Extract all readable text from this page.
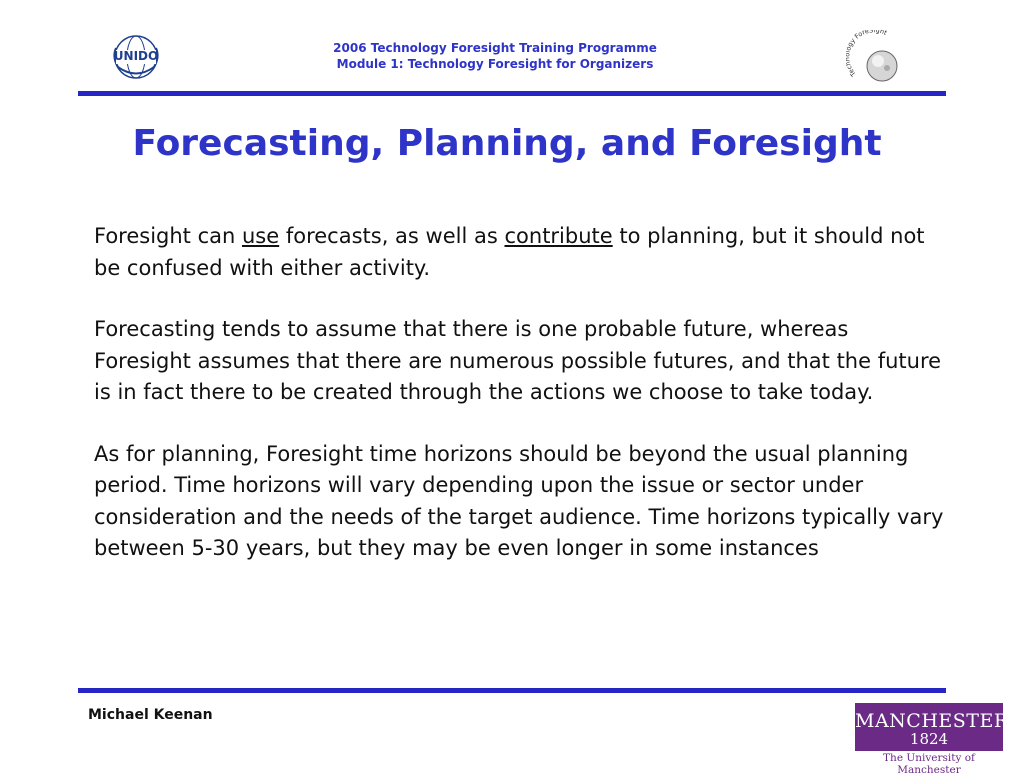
UNIDO
2006 Technology Foresight Training Programme
Module 1: Technology Foresight for Organizers
Te gy ForeSight
Forecasting, Planning, and Foresight

Foresight can use forecasts, as well as contribute to planning, but it should not be confused with either activity.

Forecasting tends to assume that there is one probable future, whereas Foresight assumes that there are numerous possible futures, and that the future is in fact there to be created through the actions we choose to take today.

As for planning, Foresight time horizons should be beyond the usual planning period. Time horizons will vary depending upon the issue or sector under consideration and the needs of the target audience. Time horizons typically vary between 5-30 years, but they may be even longer in some instances

Michael Keenan	MANCHESTER
1824
The University of Manchester
